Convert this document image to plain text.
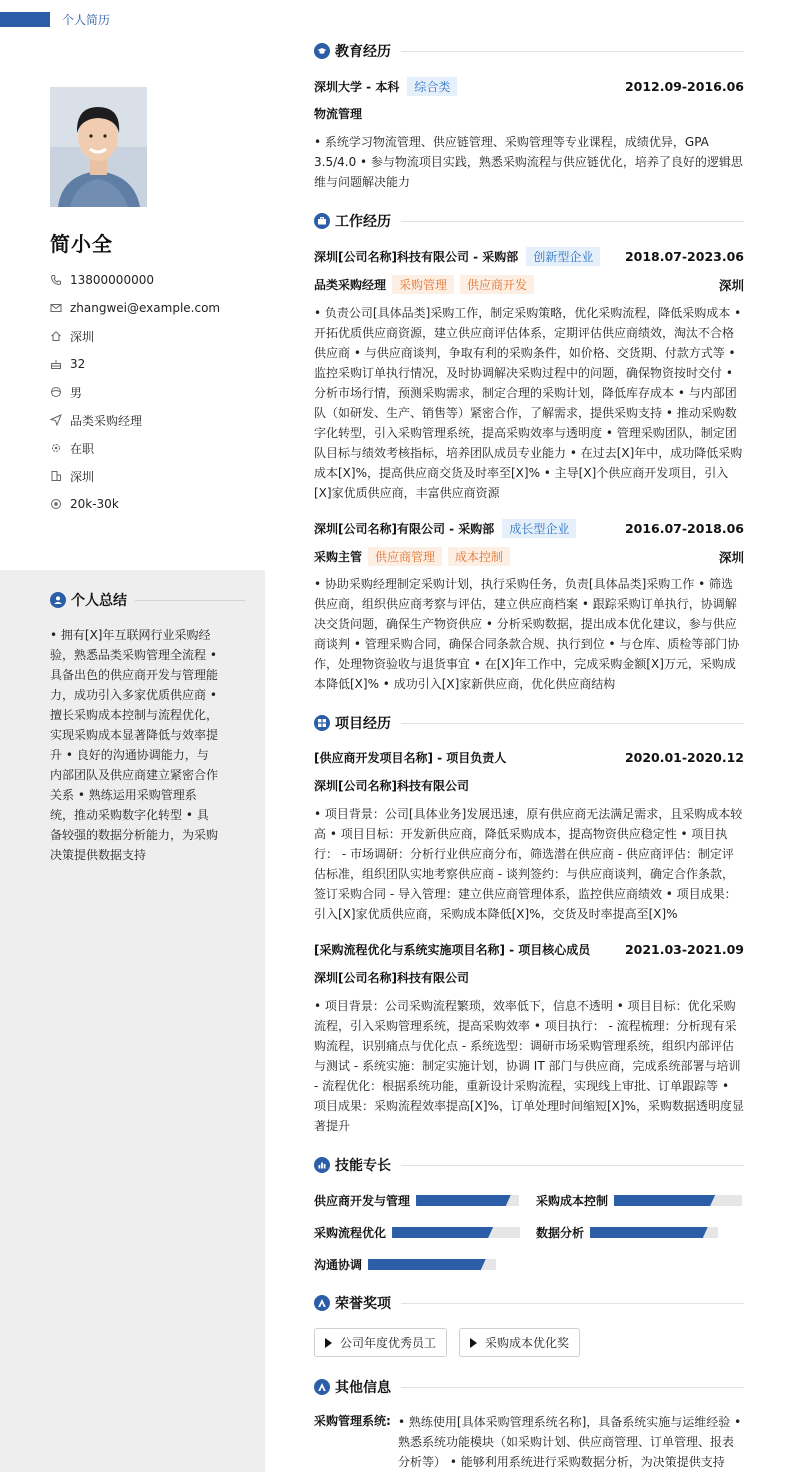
个人简历
简小全
13800000000
zhangwei@example.com
深圳
32
男
品类采购经理
在职
深圳
20k-30k
个人总结
• 拥有[X]年互联网行业采购经验，熟悉品类采购管理全流程 • 具备出色的供应商开发与管理能力，成功引入多家优质供应商 • 擅长采购成本控制与流程优化，实现采购成本显著降低与效率提升 • 良好的沟通协调能力，与内部团队及供应商建立紧密合作关系 • 熟练运用采购管理系统，推动采购数字化转型 • 具备较强的数据分析能力，为采购决策提供数据支持
教育经历
深圳大学 - 本科	综合类	2012.09-2016.06
物流管理
• 系统学习物流管理、供应链管理、采购管理等专业课程，成绩优异，GPA 3.5/4.0 • 参与物流项目实践，熟悉采购流程与供应链优化，培养了良好的逻辑思维与问题解决能力
工作经历
深圳[公司名称]科技有限公司 - 采购部	创新型企业	2018.07-2023.06
品类采购经理	采购管理	供应商开发	深圳
• 负责公司[具体品类]采购工作，制定采购策略，优化采购流程，降低采购成本 • 开拓优质供应商资源，建立供应商评估体系，定期评估供应商绩效，淘汰不合格供应商 • 与供应商谈判，争取有利的采购条件，如价格、交货期、付款方式等 • 监控采购订单执行情况，及时协调解决采购过程中的问题，确保物资按时交付 • 分析市场行情，预测采购需求，制定合理的采购计划，降低库存成本 • 与内部团队（如研发、生产、销售等）紧密合作，了解需求，提供采购支持 • 推动采购数字化转型，引入采购管理系统，提高采购效率与透明度 • 管理采购团队，制定团队目标与绩效考核指标，培养团队成员专业能力 • 在过去[X]年中，成功降低采购成本[X]%，提高供应商交货及时率至[X]% • 主导[X]个供应商开发项目，引入[X]家优质供应商，丰富供应商资源
深圳[公司名称]有限公司 - 采购部	成长型企业	2016.07-2018.06
采购主管	供应商管理	成本控制	深圳
• 协助采购经理制定采购计划，执行采购任务，负责[具体品类]采购工作 • 筛选供应商，组织供应商考察与评估，建立供应商档案 • 跟踪采购订单执行，协调解决交货问题，确保生产物资供应 • 分析采购数据，提出成本优化建议，参与供应商谈判 • 管理采购合同，确保合同条款合规、执行到位 • 与仓库、质检等部门协作，处理物资验收与退货事宜 • 在[X]年工作中，完成采购金额[X]万元，采购成本降低[X]% • 成功引入[X]家新供应商，优化供应商结构
项目经历
[供应商开发项目名称] - 项目负责人	2020.01-2020.12
深圳[公司名称]科技有限公司
• 项目背景：公司[具体业务]发展迅速，原有供应商无法满足需求，且采购成本较高 • 项目目标：开发新供应商，降低采购成本，提高物资供应稳定性 • 项目执行： - 市场调研：分析行业供应商分布，筛选潜在供应商 - 供应商评估：制定评估标准，组织团队实地考察供应商 - 谈判签约：与供应商谈判，确定合作条款，签订采购合同 - 导入管理：建立供应商管理体系，监控供应商绩效 • 项目成果：引入[X]家优质供应商，采购成本降低[X]%，交货及时率提高至[X]%
[采购流程优化与系统实施项目名称] - 项目核心成员	2021.03-2021.09
深圳[公司名称]科技有限公司
• 项目背景：公司采购流程繁琐，效率低下，信息不透明 • 项目目标：优化采购流程，引入采购管理系统，提高采购效率 • 项目执行： - 流程梳理：分析现有采购流程，识别痛点与优化点 - 系统选型：调研市场采购管理系统，组织内部评估与测试 - 系统实施：制定实施计划，协调 IT 部门与供应商，完成系统部署与培训 - 流程优化：根据系统功能，重新设计采购流程，实现线上审批、订单跟踪等 • 项目成果：采购流程效率提高[X]%，订单处理时间缩短[X]%，采购数据透明度显著提升
技能专长
供应商开发与管理	采购成本控制
采购流程优化	数据分析
沟通协调
荣誉奖项
公司年度优秀员工	采购成本优化奖
其他信息
采购管理系统: • 熟练使用[具体采购管理系统名称]，具备系统实施与运维经验 • 熟悉系统功能模块（如采购计划、供应商管理、订单管理、报表分析等） • 能够利用系统进行采购数据分析，为决策提供支持
